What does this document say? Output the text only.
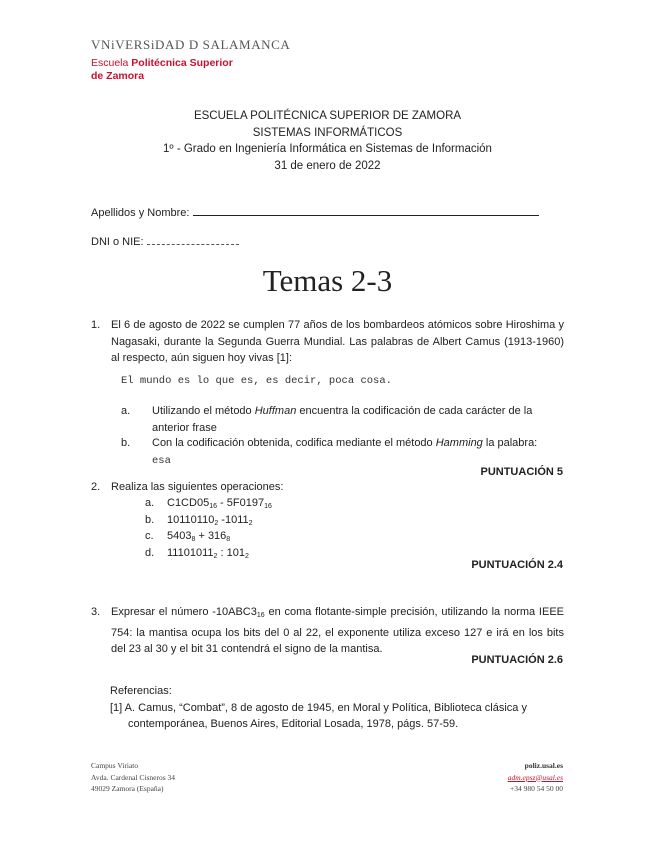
VNiVERSiDAD D SALAMANCA
Escuela Politécnica Superior
de Zamora
ESCUELA POLITÉCNICA SUPERIOR DE ZAMORA
SISTEMAS INFORMÁTICOS
1º - Grado en Ingeniería Informática en Sistemas de Información
31 de enero de 2022
Apellidos y Nombre:
DNI o NIE:
Temas 2-3
1. El 6 de agosto de 2022 se cumplen 77 años de los bombardeos atómicos sobre Hiroshima y Nagasaki, durante la Segunda Guerra Mundial. Las palabras de Albert Camus (1913-1960) al respecto, aún siguen hoy vivas [1]:
El mundo es lo que es, es decir, poca cosa.
a. Utilizando el método Huffman encuentra la codificación de cada carácter de la anterior frase
b. Con la codificación obtenida, codifica mediante el método Hamming la palabra:
esa
PUNTUACIÓN 5
2. Realiza las siguientes operaciones:
a. $C1CD05_{16} - 5F0197_{16}$
b. $10110110_2$ $-1011_2$
c. $5403_8 + 316_8$
d. $11101011_2$ : $101_2$
PUNTUACIÓN 2.4
3. Expresar el número $-10ABC3_{16}$ en coma flotante-simple precisión, utilizando la norma IEEE 754: la mantisa ocupa los bits del 0 al 22, el exponente utiliza exceso 127 e irá en los bits del 23 al 30 y el bit 31 contendrá el signo de la mantisa.
PUNTUACIÓN 2.6
Referencias:
[1] A. Camus, “Combat”, 8 de agosto de 1945, en Moral y Política, Biblioteca clásica y contemporánea, Buenos Aires, Editorial Losada, 1978, págs. 57-59.
Campus Viriato
Avda. Cardenal Cisneros 34
49029 Zamora (España)
poliz.usal.es
adm.epsz@usal.es
+34 980 54 50 00
